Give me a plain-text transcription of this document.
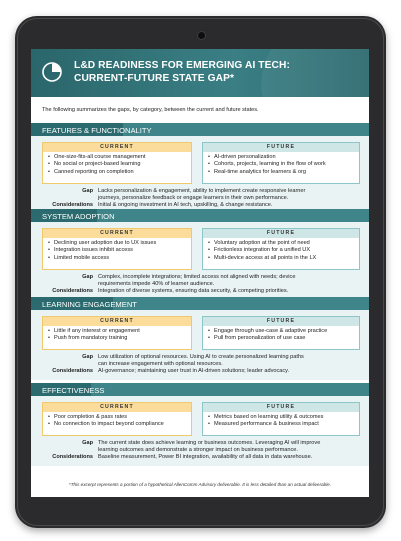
L&D READINESS FOR EMERGING AI TECH:
CURRENT-FUTURE STATE GAP*
The following summarizes the gaps, by category, between the current and future states.
FEATURES & FUNCTIONALITY
CURRENT
• One-size-fits-all course management
• No social or project-based learning
• Canned reporting on completion
FUTURE
• AI-driven personalization
• Cohorts, projects, learning in the flow of work
• Real-time analytics for learners & org
Gap Lacks personalization & engagement, ability to implement create responsive learner
journeys, personalize feedback or engage learners in their own performance.
Considerations Initial & ongoing investment in AI tech, upskilling, & change resistance.
SYSTEM ADOPTION
CURRENT
• Declining user adoption due to UX issues
• Integration issues inhibit access
• Limited mobile access
FUTURE
• Voluntary adoption at the point of need
• Frictionless integration for a unified UX
• Multi-device access at all points in the LX
Gap Complex, incomplete integrations; limited access not aligned with needs; device
requirements impede 40% of learner audience.
Considerations Integration of diverse systems, ensuring data security, & competing priorities.
LEARNING ENGAGEMENT
CURRENT
• Little if any interest or engagement
• Push from mandatory training
FUTURE
• Engage through use-case & adaptive practice
• Pull from personalization of use case
Gap Low utilization of optional resources. Using AI to create personalized learning paths
can increase engagement with optional resources.
Considerations AI-governance; maintaining user trust in AI-driven solutions; leader advocacy.
EFFECTIVENESS
CURRENT
• Poor completion & pass rates
• No connection to impact beyond compliance
FUTURE
• Metrics based on learning utility & outcomes
• Measured performance & business impact
Gap The current state does achieve learning or business outcomes. Leveraging AI will improve
learning outcomes and demonstrate a stronger impact on business performance.
Considerations Baseline measurement, Power BI integration, availability of all data in data warehouse.
*This excerpt represents a portion of a hypothetical AllenComm Advisory deliverable. It is less detailed than an actual deliverable.
